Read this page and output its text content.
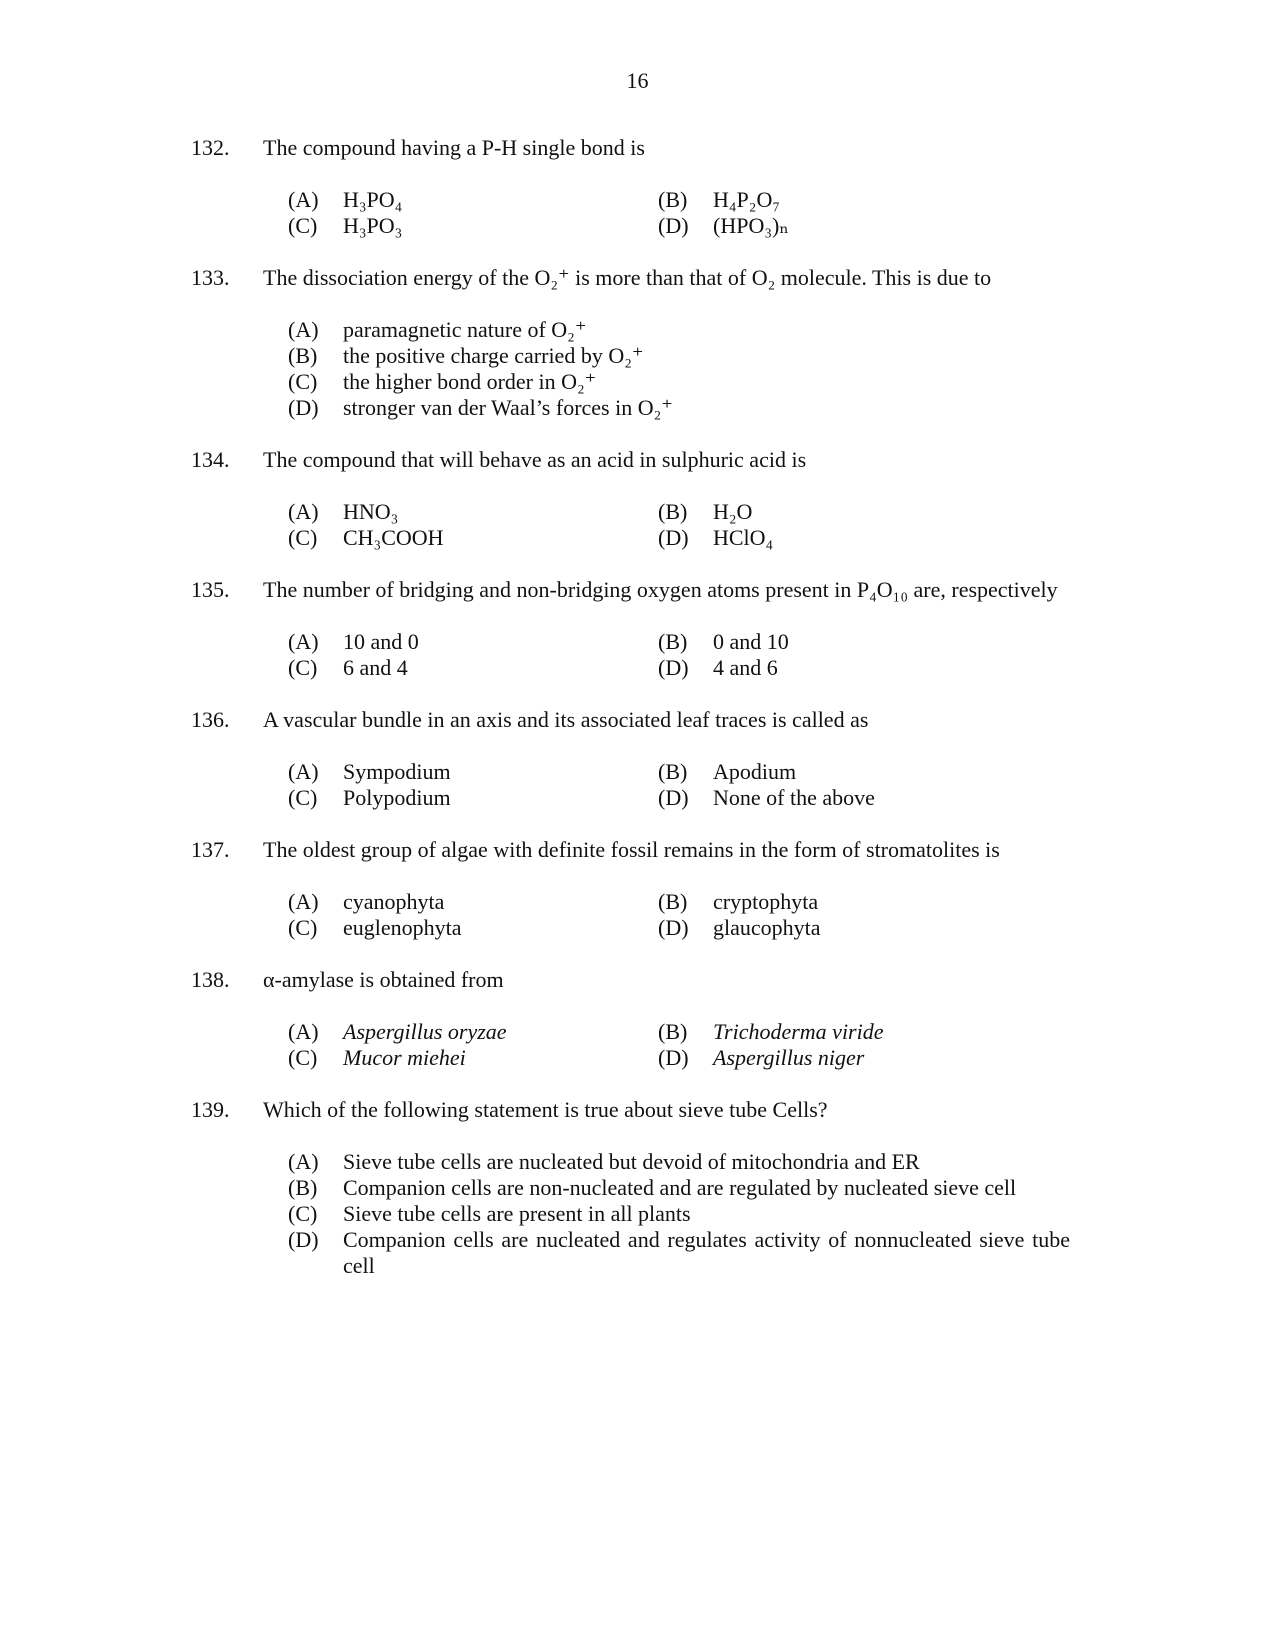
16
132. The compound having a P-H single bond is
(A)	H₃PO₄	(B)	H₄P₂O₇
(C)	H₃PO₃	(D)	(HPO₃)ₙ
133. The dissociation energy of the O₂⁺ is more than that of O₂ molecule. This is due to
(A)	paramagnetic nature of O₂⁺
(B)	the positive charge carried by O₂⁺
(C)	the higher bond order in O₂⁺
(D)	stronger van der Waal’s forces in O₂⁺
134. The compound that will behave as an acid in sulphuric acid is
(A)	HNO₃	(B)	H₂O
(C)	CH₃COOH	(D)	HClO₄
135. The number of bridging and non-bridging oxygen atoms present in P₄O₁₀ are, respectively
(A)	10 and 0	(B)	0 and 10
(C)	6 and 4	(D)	4 and 6
136. A vascular bundle in an axis and its associated leaf traces is called as
(A)	Sympodium	(B)	Apodium
(C)	Polypodium	(D)	None of the above
137. The oldest group of algae with definite fossil remains in the form of stromatolites is
(A)	cyanophyta	(B)	cryptophyta
(C)	euglenophyta	(D)	glaucophyta
138. α-amylase is obtained from
(A)	Aspergillus oryzae	(B)	Trichoderma viride
(C)	Mucor miehei	(D)	Aspergillus niger
139. Which of the following statement is true about sieve tube Cells?
(A)	Sieve tube cells are nucleated but devoid of mitochondria and ER
(B)	Companion cells are non-nucleated and are regulated by nucleated sieve cell
(C)	Sieve tube cells are present in all plants
(D)	Companion cells are nucleated and regulates activity of nonnucleated sieve tube cell
